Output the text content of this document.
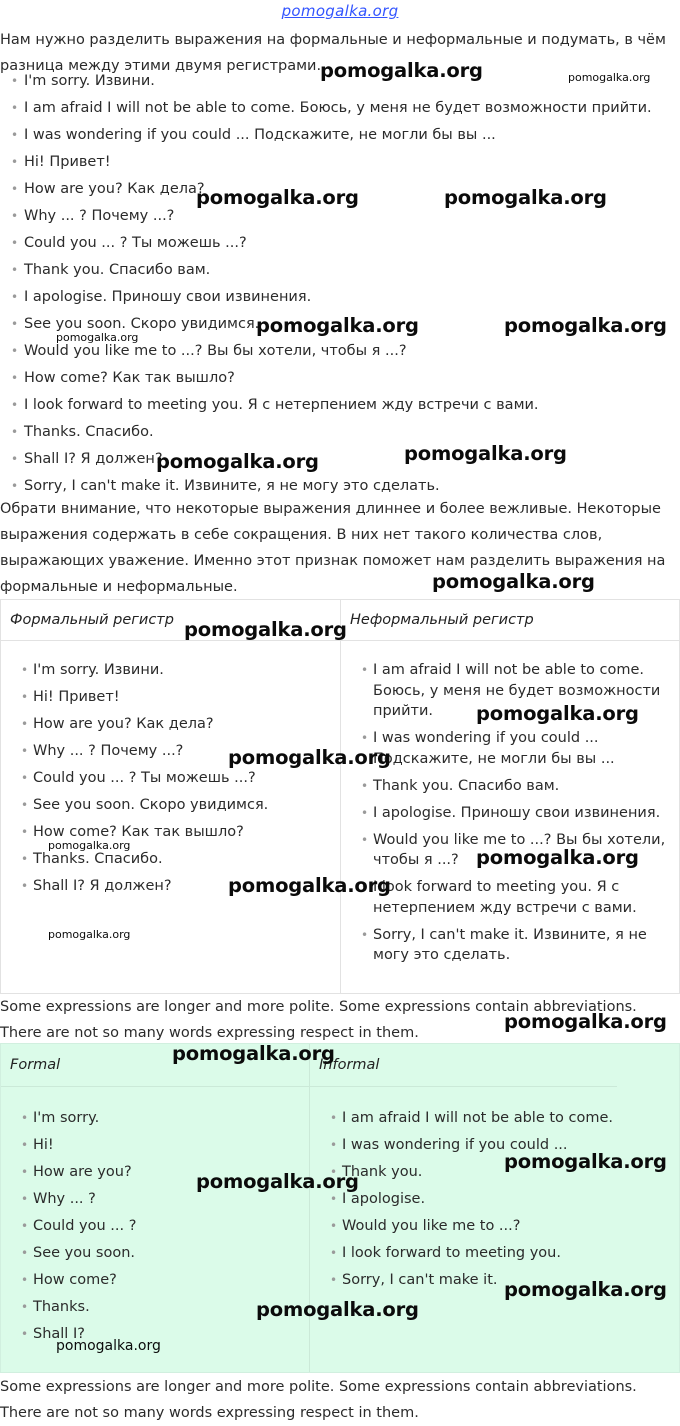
pomogalka.org

Нам нужно разделить выражения на формальные и неформальные и подумать, в чём разница между этими двумя регистрами.

• I'm sorry. Извини.
• I am afraid I will not be able to come. Боюсь, у меня не будет возможности прийти.
• I was wondering if you could ... Подскажите, не могли бы вы ...
• Hi! Привет!
• How are you? Как дела?
• Why ... ? Почему ...?
• Could you ... ? Ты можешь ...?
• Thank you. Спасибо вам.
• I apologise. Приношу свои извинения.
• See you soon. Скоро увидимся.
• Would you like me to ...? Вы бы хотели, чтобы я ...?
• How come? Как так вышло?
• I look forward to meeting you. Я с нетерпением жду встречи с вами.
• Thanks. Спасибо.
• Shall I? Я должен?
• Sorry, I can't make it. Извините, я не могу это сделать.

Обрати внимание, что некоторые выражения длиннее и более вежливые. Некоторые выражения содержать в себе сокращения. В них нет такого количества слов, выражающих уважение. Именно этот признак поможет нам разделить выражения на формальные и неформальные.

Формальный регистр
• I'm sorry. Извини.
• Hi! Привет!
• How are you? Как дела?
• Why ... ? Почему ...?
• Could you ... ? Ты можешь ...?
• See you soon. Скоро увидимся.
• How come? Как так вышло?
• Thanks. Спасибо.
• Shall I? Я должен?
Неформальный регистр
• I am afraid I will not be able to come. Боюсь, у меня не будет возможности прийти.
• I was wondering if you could ... Подскажите, не могли бы вы ...
• Thank you. Спасибо вам.
• I apologise. Приношу свои извинения.
• Would you like me to ...? Вы бы хотели, чтобы я ...?
• I look forward to meeting you. Я с нетерпением жду встречи с вами.
• Sorry, I can't make it. Извините, я не могу это сделать.

Some expressions are longer and more polite. Some expressions contain abbreviations.
There are not so many words expressing respect in them.

Formal
• I'm sorry.
• Hi!
• How are you?
• Why ... ?
• Could you ... ?
• See you soon.
• How come?
• Thanks.
• Shall I?
Informal
• I am afraid I will not be able to come.
• I was wondering if you could ...
• Thank you.
• I apologise.
• Would you like me to ...?
• I look forward to meeting you.
• Sorry, I can't make it.

Some expressions are longer and more polite. Some expressions contain abbreviations.
There are not so many words expressing respect in them.

pomogalka.org	pomogalka.org
pomogalka.org	pomogalka.org
pomogalka.org	pomogalka.org
pomogalka.org
pomogalka.org
pomogalka.org
pomogalka.org
pomogalka.org
pomogalka.org
pomogalka.org
pomogalka.org
pomogalka.org
pomogalka.org
pomogalka.org
pomogalka.org
pomogalka.org
pomogalka.org
pomogalka.org
pomogalka.org
pomogalka.org
pomogalka.org
